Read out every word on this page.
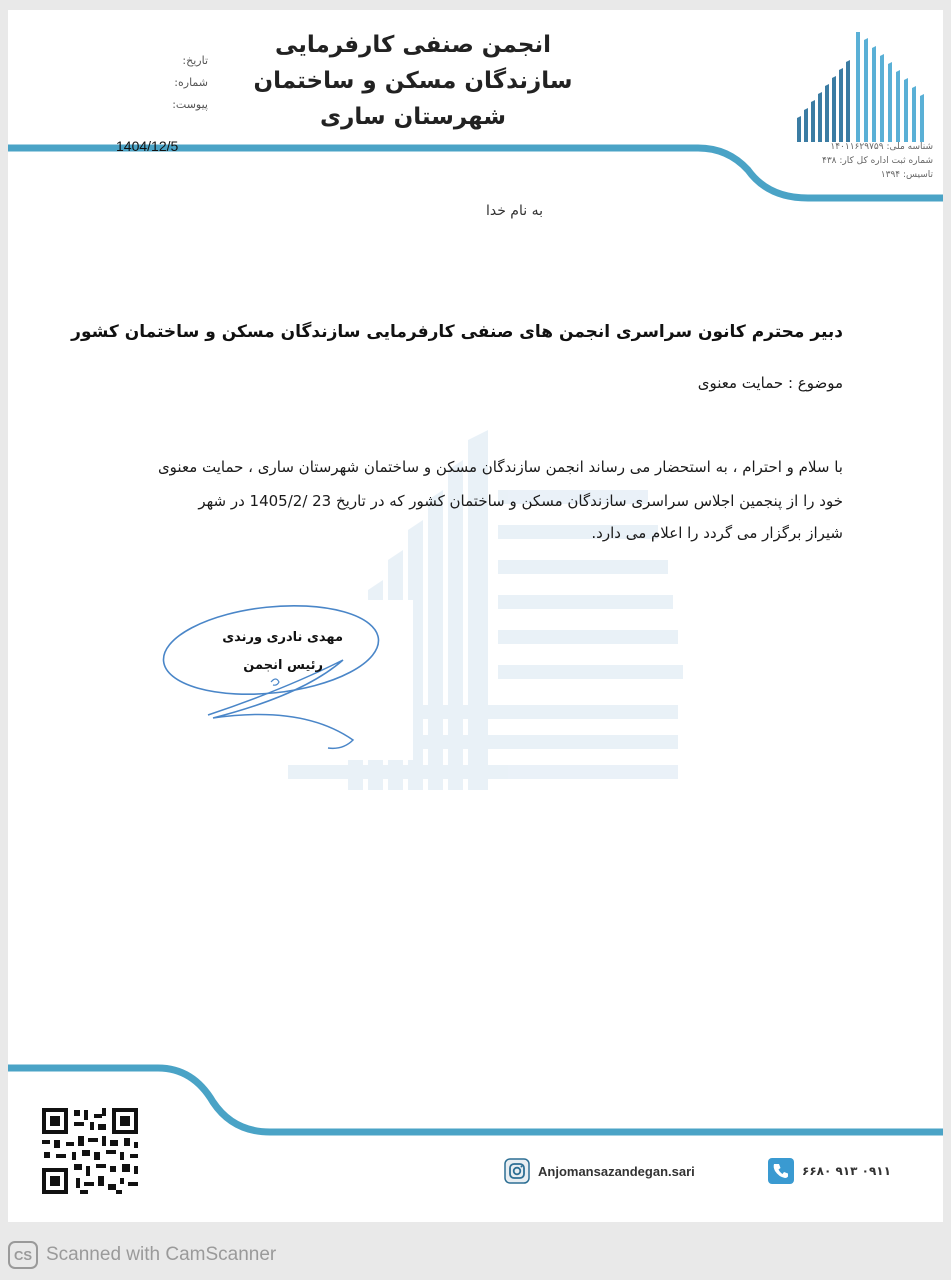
شناسه ملی: ۱۴۰۱۱۶۲۹۷۵۹
شماره ثبت اداره کل کار: ۴۳۸
تاسیس: ۱۳۹۴
انجمن صنفی کارفرمایی
سازندگان مسکن و ساختمان
شهرستان ساری
تاریخ:
شماره:
پیوست:
1404/12/5
به نام خدا
دبیر محترم کانون سراسری انجمن های صنفی کارفرمایی سازندگان مسکن و ساختمان کشور
موضوع : حمایت معنوی
با سلام و احترام ، به استحضار می رساند انجمن سازندگان مسکن و ساختمان شهرستان ساری ، حمایت معنوی
خود را از پنجمین اجلاس سراسری سازندگان مسکن و ساختمان کشور که در تاریخ 23 /1405/2 در شهر
شیراز برگزار می گردد را اعلام می دارد.
مهدی نادری ورندی
رئیس انجمن
Anjomansazandegan.sari	۰۹۱۱ ۹۱۳ ۶۶۸۰
CS Scanned with CamScanner
